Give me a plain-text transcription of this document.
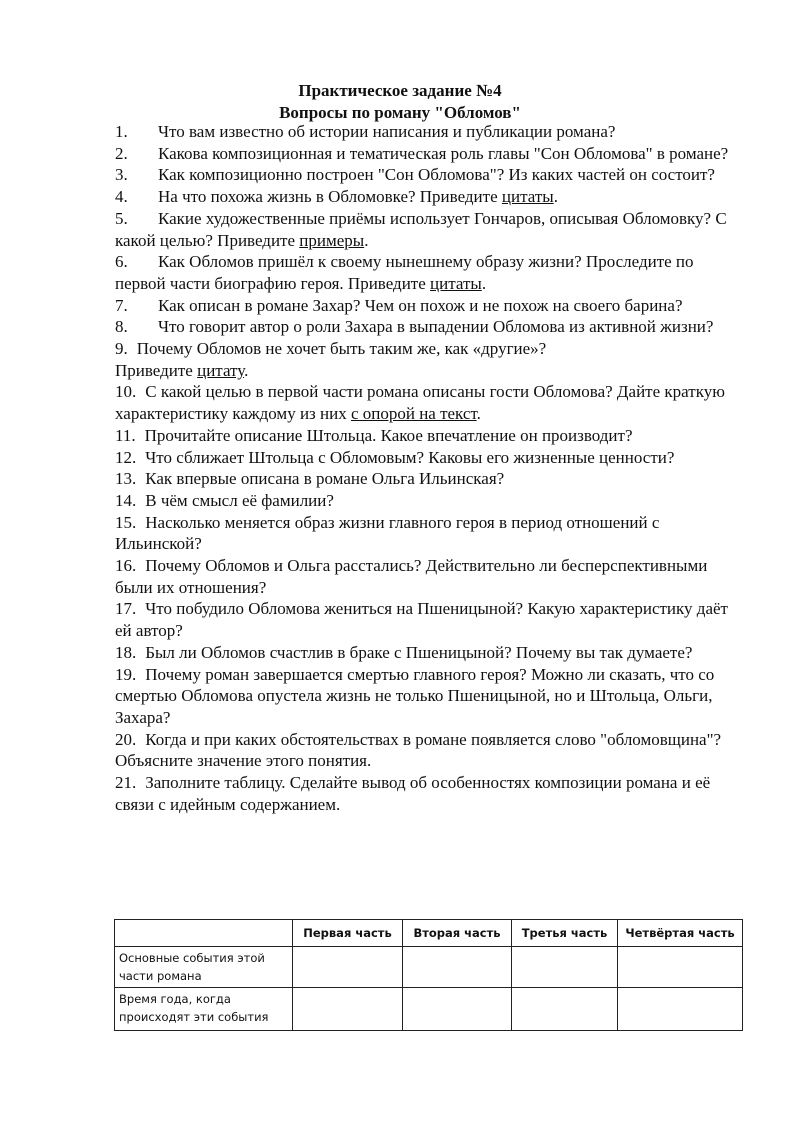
Практическое задание №4
Вопросы по роману "Обломов"
1. Что вам известно об истории написания и публикации романа?
2. Какова композиционная и тематическая роль главы "Сон Обломова" в романе?
3. Как композиционно построен "Сон Обломова"? Из каких частей он состоит?
4. На что похожа жизнь в Обломовке? Приведите цитаты.
5. Какие художественные приёмы использует Гончаров, описывая Обломовку? С какой целью? Приведите примеры.
6. Как Обломов пришёл к своему нынешнему образу жизни? Проследите по первой части биографию героя. Приведите цитаты.
7. Как описан в романе Захар? Чем он похож и не похож на своего барина?
8. Что говорит автор о роли Захара в выпадении Обломова из активной жизни?
9. Почему Обломов не хочет быть таким же, как «другие»?
Приведите цитату.
10. С какой целью в первой части романа описаны гости Обломова? Дайте краткую характеристику каждому из них с опорой на текст.
11. Прочитайте описание Штольца. Какое впечатление он производит?
12. Что сближает Штольца с Обломовым? Каковы его жизненные ценности?
13. Как впервые описана в романе Ольга Ильинская?
14. В чём смысл её фамилии?
15. Насколько меняется образ жизни главного героя в период отношений с Ильинской?
16. Почему Обломов и Ольга расстались? Действительно ли бесперспективными были их отношения?
17. Что побудило Обломова жениться на Пшеницыной? Какую характеристику даёт ей автор?
18. Был ли Обломов счастлив в браке с Пшеницыной? Почему вы так думаете?
19. Почему роман завершается смертью главного героя? Можно ли сказать, что со смертью Обломова опустела жизнь не только Пшеницыной, но и Штольца, Ольги, Захара?
20. Когда и при каких обстоятельствах в романе появляется слово "обломовщина"? Объясните значение этого понятия.
21. Заполните таблицу. Сделайте вывод об особенностях композиции романа и её связи с идейным содержанием.
	Первая часть	Вторая часть	Третья часть	Четвёртая часть
Основные события этой части романа				
Время года, когда происходят эти события				
